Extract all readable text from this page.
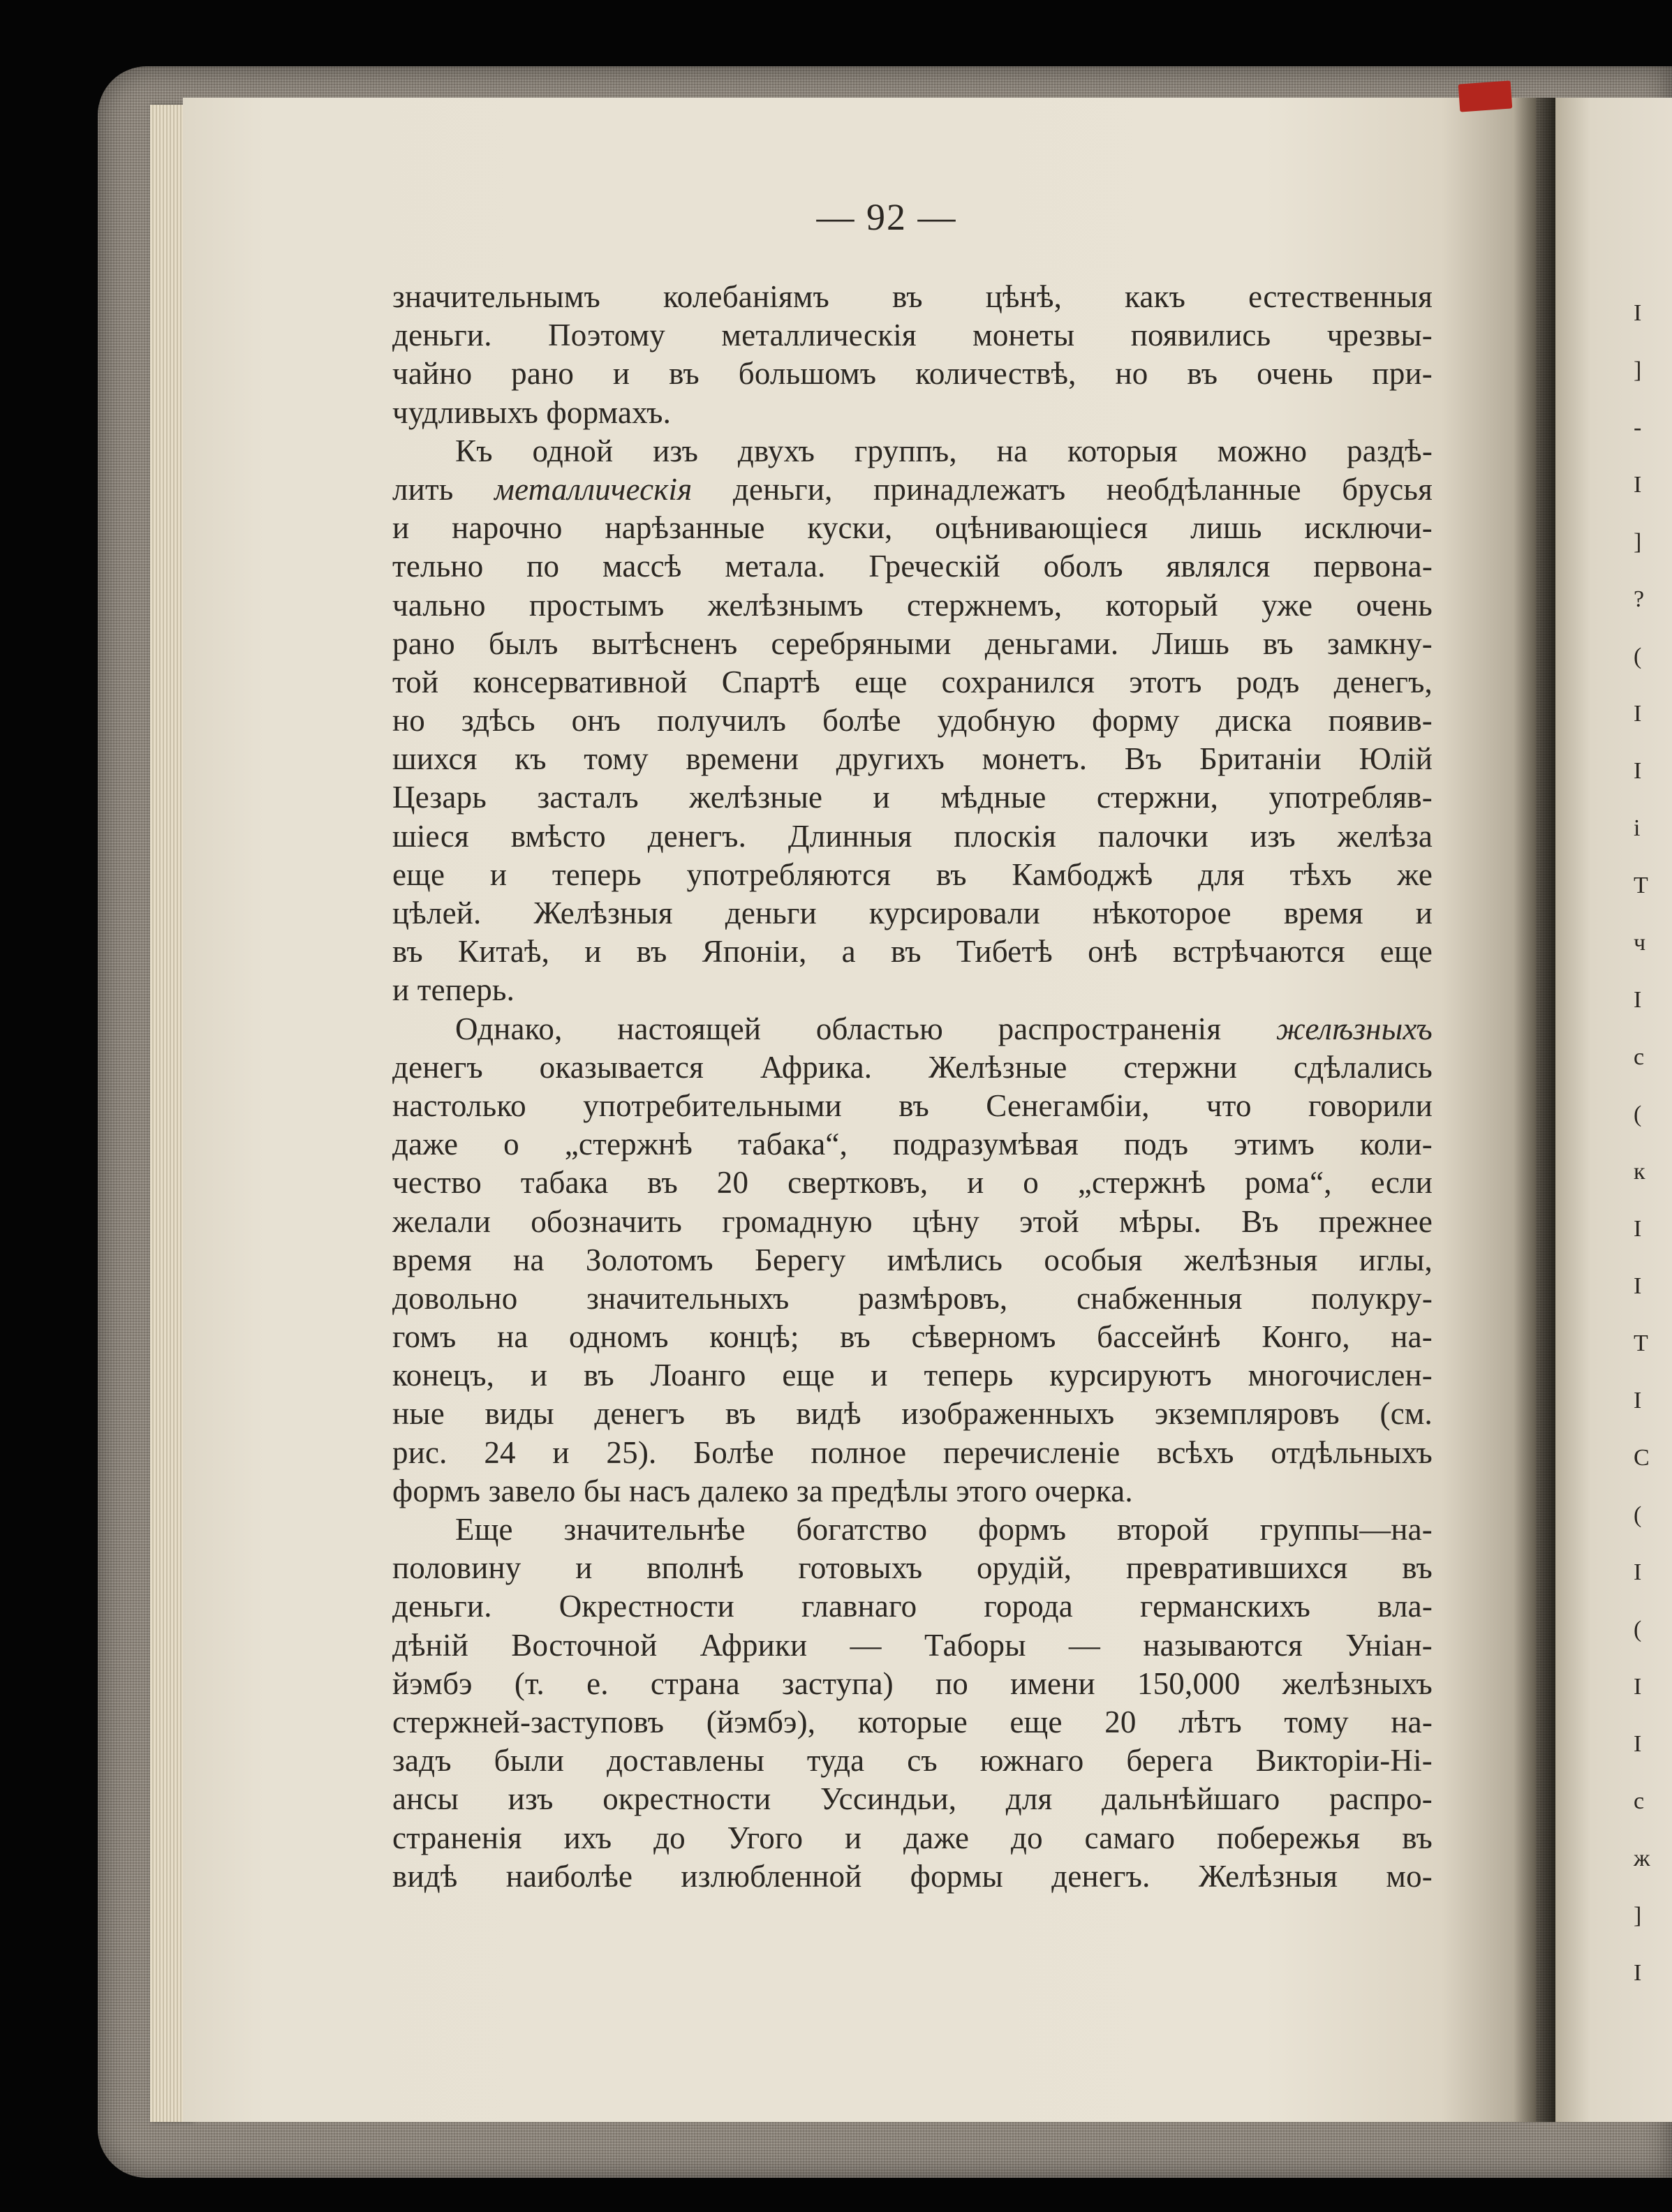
I
]
-
I
]
?
(
І
І
і
Т
ч
І
с
(
к
І
І
Т
І
С
(
І
(
І
І
с
ж
]
І
— 92 —
значительнымъ колебаніямъ въ цѣнѣ, какъ естественныя
деньги. Поэтому металлическія монеты появились чрезвы-
чайно рано и въ большомъ количествѣ, но въ очень при-
чудливыхъ формахъ.
Къ одной изъ двухъ группъ, на которыя можно раздѣ-
лить металлическія деньги, принадлежатъ необдѣланные брусья
и нарочно нарѣзанные куски, оцѣнивающіеся лишь исключи-
тельно по массѣ метала. Греческій оболъ являлся первона-
чально простымъ желѣзнымъ стержнемъ, который уже очень
рано былъ вытѣсненъ серебряными деньгами. Лишь въ замкну-
той консервативной Спартѣ еще сохранился этотъ родъ денегъ,
но здѣсь онъ получилъ болѣе удобную форму диска появив-
шихся къ тому времени другихъ монетъ. Въ Британіи Юлій
Цезарь засталъ желѣзные и мѣдные стержни, употребляв-
шіеся вмѣсто денегъ. Длинныя плоскія палочки изъ желѣза
еще и теперь употребляются въ Камбоджѣ для тѣхъ же
цѣлей. Желѣзныя деньги курсировали нѣкоторое время и
въ Китаѣ, и въ Японіи, а въ Тибетѣ онѣ встрѣчаются еще
и теперь.
Однако, настоящей областью распространенія желѣзныхъ
денегъ оказывается Африка. Желѣзные стержни сдѣлались
настолько употребительными въ Сенегамбіи, что говорили
даже о „стержнѣ табака“, подразумѣвая подъ этимъ коли-
чество табака въ 20 свертковъ, и о „стержнѣ рома“, если
желали обозначить громадную цѣну этой мѣры. Въ прежнее
время на Золотомъ Берегу имѣлись особыя желѣзныя иглы,
довольно значительныхъ размѣровъ, снабженныя полукру-
гомъ на одномъ концѣ; въ сѣверномъ бассейнѣ Конго, на-
конецъ, и въ Лоанго еще и теперь курсируютъ многочислен-
ные виды денегъ въ видѣ изображенныхъ экземпляровъ (см.
рис. 24 и 25). Болѣе полное перечисленіе всѣхъ отдѣльныхъ
формъ завело бы насъ далеко за предѣлы этого очерка.
Еще значительнѣе богатство формъ второй группы—на-
половину и вполнѣ готовыхъ орудій, превратившихся въ
деньги. Окрестности главнаго города германскихъ вла-
дѣній Восточной Африки — Таборы — называются Уніан-
йэмбэ (т. е. страна заступа) по имени 150,000 желѣзныхъ
стержней-заступовъ (йэмбэ), которые еще 20 лѣтъ тому на-
задъ были доставлены туда съ южнаго берега Викторіи-Ні-
ансы изъ окрестности Уссиндьи, для дальнѣйшаго распро-
страненія ихъ до Угого и даже до самаго побережья въ
видѣ наиболѣе излюбленной формы денегъ. Желѣзныя мо-
